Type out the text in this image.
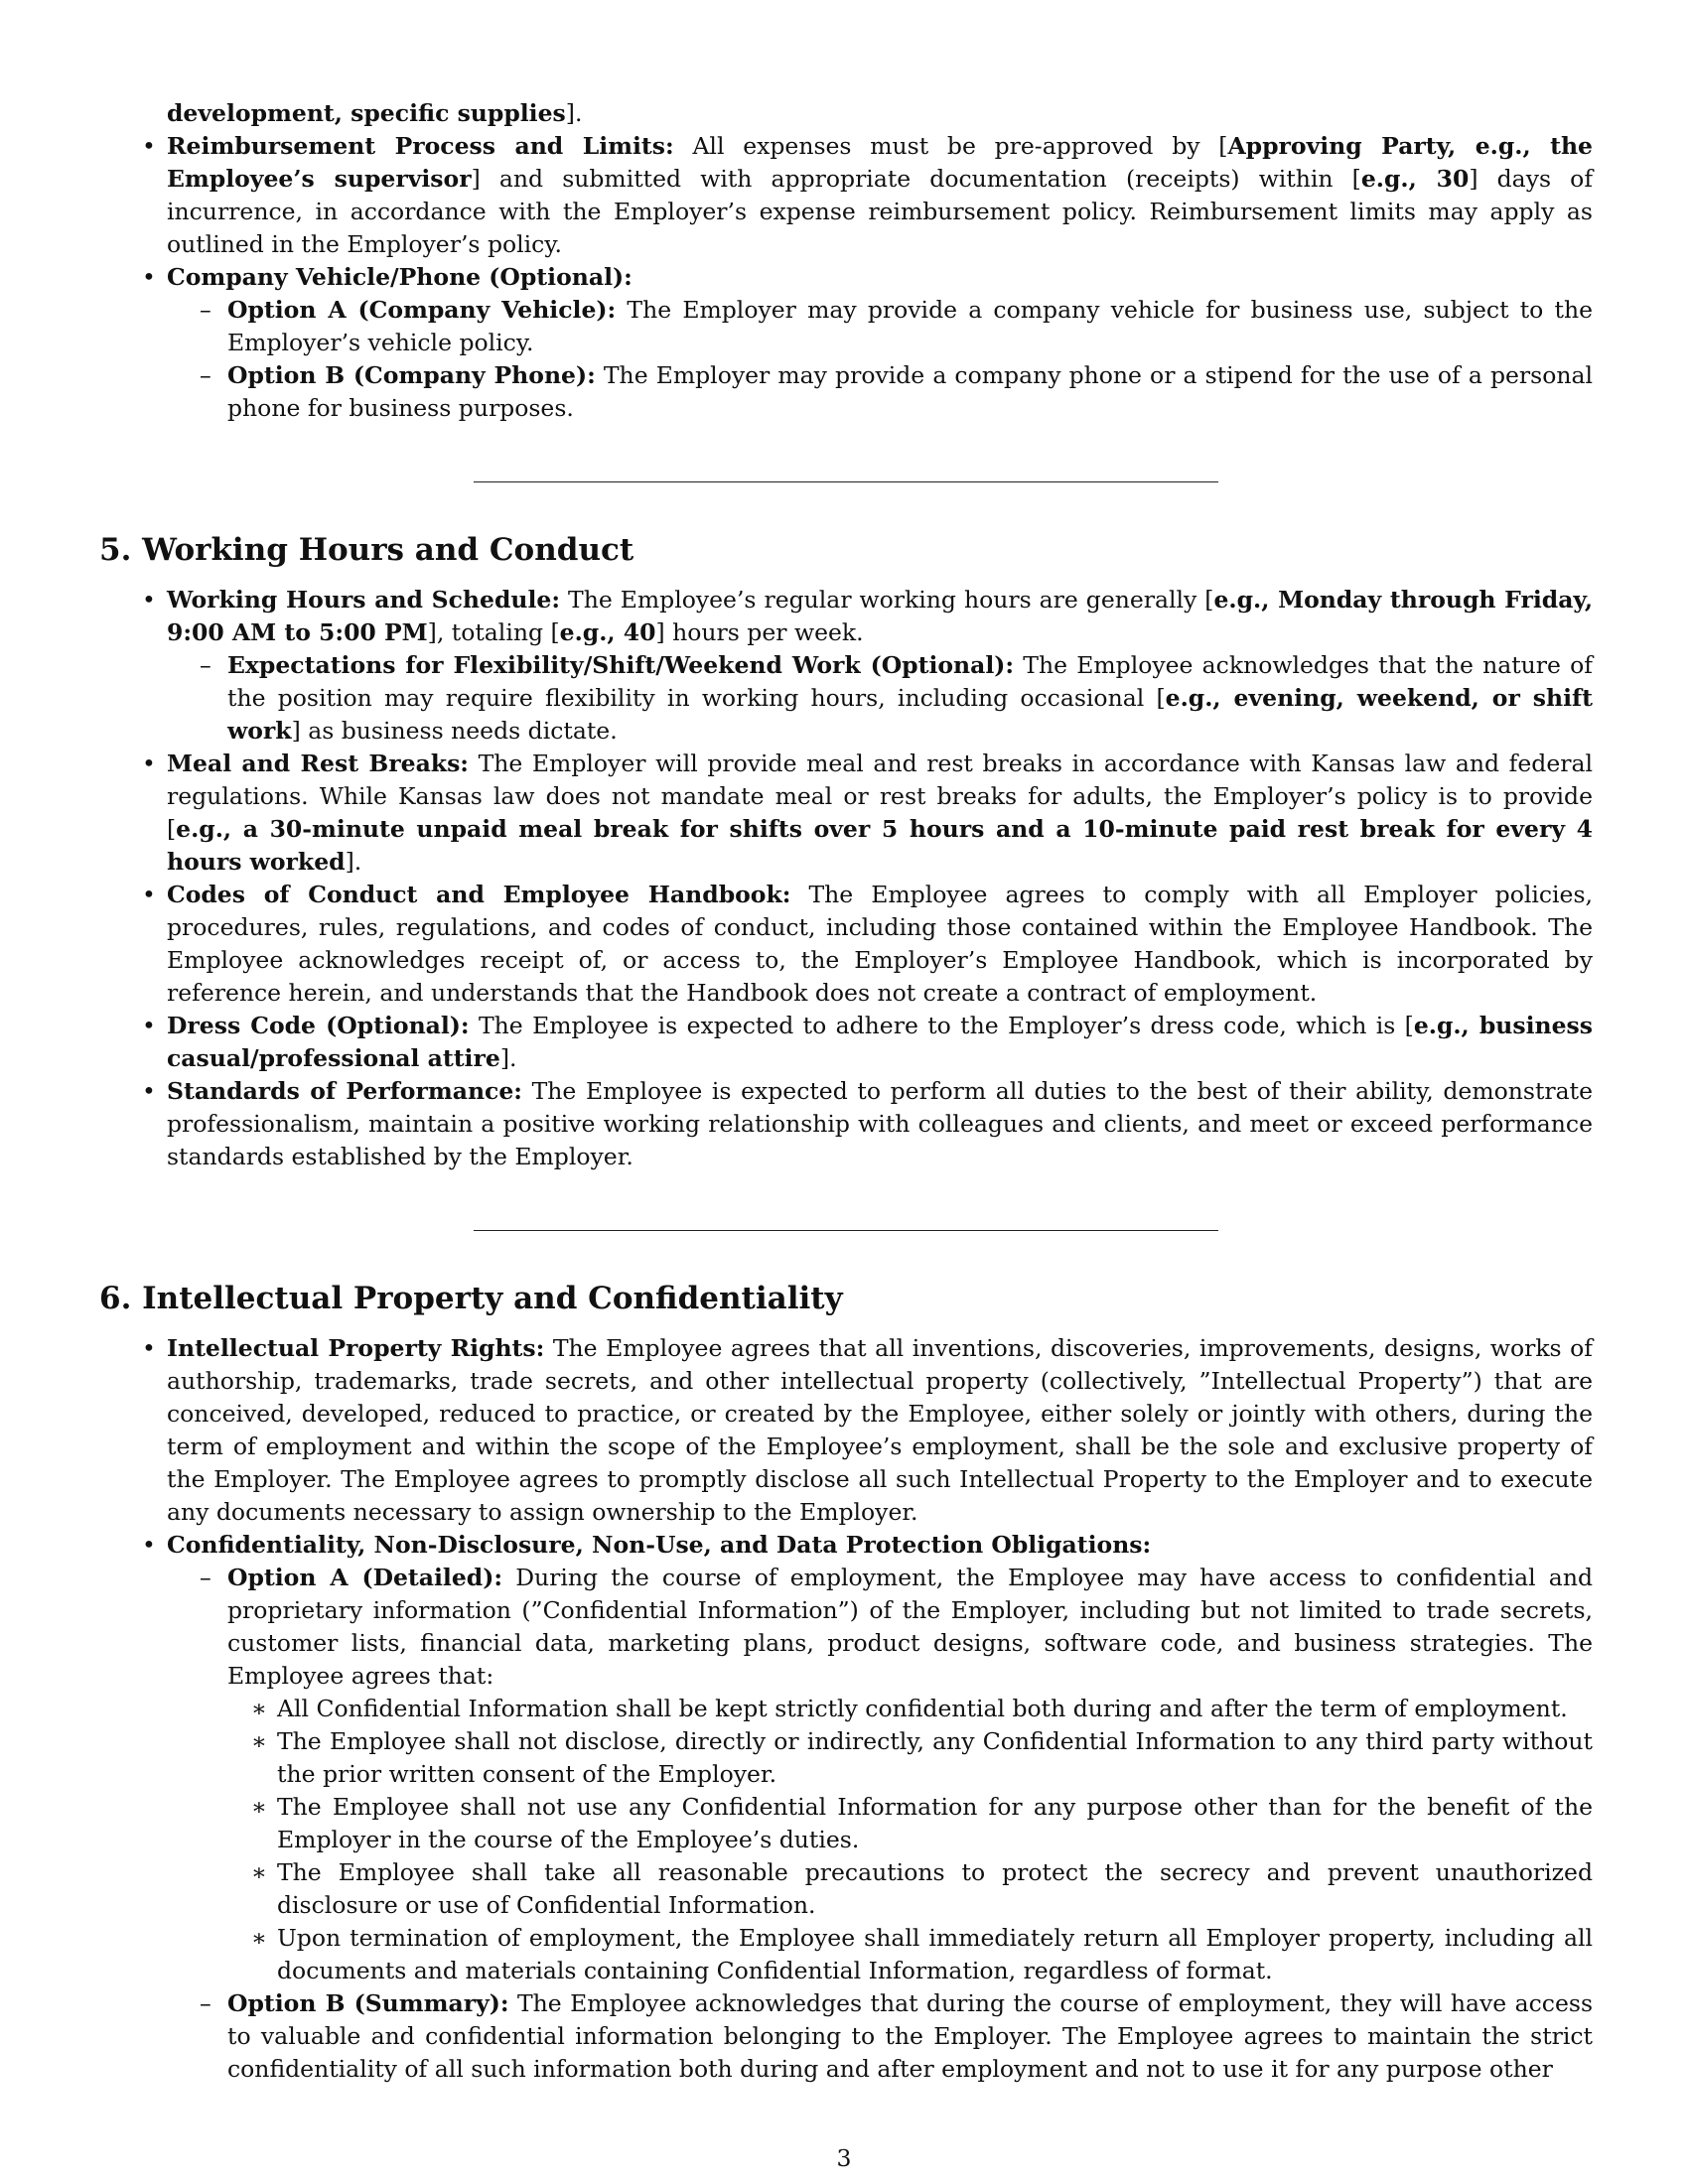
development, specific supplies].
• Reimbursement Process and Limits: All expenses must be pre-approved by [Approving Party, e.g., the Employee’s supervisor] and submitted with appropriate documentation (receipts) within [e.g., 30] days of incurrence, in accordance with the Employer’s expense reimbursement policy. Reimbursement limits may apply as outlined in the Employer’s policy.
• Company Vehicle/Phone (Optional):
– Option A (Company Vehicle): The Employer may provide a company vehicle for business use, subject to the Employer’s vehicle policy.
– Option B (Company Phone): The Employer may provide a company phone or a stipend for the use of a personal phone for business purposes.
5. Working Hours and Conduct
• Working Hours and Schedule: The Employee’s regular working hours are generally [e.g., Monday through Friday, 9:00 AM to 5:00 PM], totaling [e.g., 40] hours per week.
– Expectations for Flexibility/Shift/Weekend Work (Optional): The Employee acknowledges that the nature of the position may require flexibility in working hours, including occasional [e.g., evening, weekend, or shift work] as business needs dictate.
• Meal and Rest Breaks: The Employer will provide meal and rest breaks in accordance with Kansas law and federal regulations. While Kansas law does not mandate meal or rest breaks for adults, the Employer’s policy is to provide [e.g., a 30-minute unpaid meal break for shifts over 5 hours and a 10-minute paid rest break for every 4 hours worked].
• Codes of Conduct and Employee Handbook: The Employee agrees to comply with all Employer policies, procedures, rules, regulations, and codes of conduct, including those contained within the Employee Handbook. The Employee acknowledges receipt of, or access to, the Employer’s Employee Handbook, which is incorporated by reference herein, and understands that the Handbook does not create a contract of employment.
• Dress Code (Optional): The Employee is expected to adhere to the Employer’s dress code, which is [e.g., business casual/professional attire].
• Standards of Performance: The Employee is expected to perform all duties to the best of their ability, demonstrate professionalism, maintain a positive working relationship with colleagues and clients, and meet or exceed performance standards established by the Employer.
6. Intellectual Property and Confidentiality
• Intellectual Property Rights: The Employee agrees that all inventions, discoveries, improvements, designs, works of authorship, trademarks, trade secrets, and other intellectual property (collectively, ”Intellectual Property”) that are conceived, developed, reduced to practice, or created by the Employee, either solely or jointly with others, during the term of employment and within the scope of the Employee’s employment, shall be the sole and exclusive property of the Employer. The Employee agrees to promptly disclose all such Intellectual Property to the Employer and to execute any documents necessary to assign ownership to the Employer.
• Confidentiality, Non-Disclosure, Non-Use, and Data Protection Obligations:
– Option A (Detailed): During the course of employment, the Employee may have access to confidential and proprietary information (”Confidential Information”) of the Employer, including but not limited to trade secrets, customer lists, financial data, marketing plans, product designs, software code, and business strategies. The Employee agrees that:
∗ All Confidential Information shall be kept strictly confidential both during and after the term of employment.
∗ The Employee shall not disclose, directly or indirectly, any Confidential Information to any third party without the prior written consent of the Employer.
∗ The Employee shall not use any Confidential Information for any purpose other than for the benefit of the Employer in the course of the Employee’s duties.
∗ The Employee shall take all reasonable precautions to protect the secrecy and prevent unauthorized disclosure or use of Confidential Information.
∗ Upon termination of employment, the Employee shall immediately return all Employer property, including all documents and materials containing Confidential Information, regardless of format.
– Option B (Summary): The Employee acknowledges that during the course of employment, they will have access to valuable and confidential information belonging to the Employer. The Employee agrees to maintain the strict confidentiality of all such information both during and after employment and not to use it for any purpose other
3
